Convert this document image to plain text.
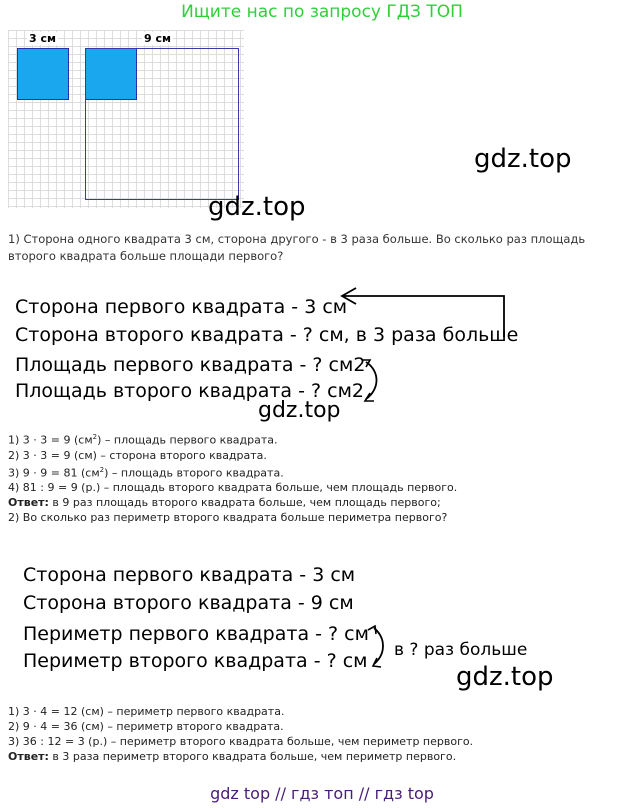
Ищите нас по запросу ГДЗ ТОП
3 см	9 см
gdz.top
gdz.top
1) Сторона одного квадрата 3 см, сторона другого - в 3 раза больше. Во сколько раз площадь второго квадрата больше площади первого?
Сторона первого квадрата - 3 см
Сторона второго квадрата - ? см, в 3 раза больше
Площадь первого квадрата - ? см2
Площадь второго квадрата - ? см2
gdz.top
1) 3 · 3 = 9 $(см^2)$ – площадь первого квадрата.
2) 3 · 3 = 9 (см) – сторона второго квадрата.
3) 9 · 9 = 81 $(см^2)$ – площадь второго квадрата.
4) 81 : 9 = 9 (р.) – площадь второго квадрата больше, чем площадь первого.
Ответ: в 9 раз площадь второго квадрата больше, чем площадь первого;
2) Во сколько раз периметр второго квадрата больше периметра первого?
Сторона первого квадрата - 3 см
Сторона второго квадрата - 9 см
Периметр первого квадрата - ? см
Периметр второго квадрата - ? см в ? раз больше
gdz.top
1) 3 · 4 = 12 (см) – периметр первого квадрата.
2) 9 · 4 = 36 (см) – периметр второго квадрата.
3) 36 : 12 = 3 (р.) – периметр второго квадрата больше, чем периметр первого.
Ответ: в 3 раза периметр второго квадрата больше, чем периметр первого.
gdz top // гдз топ // гдз top
